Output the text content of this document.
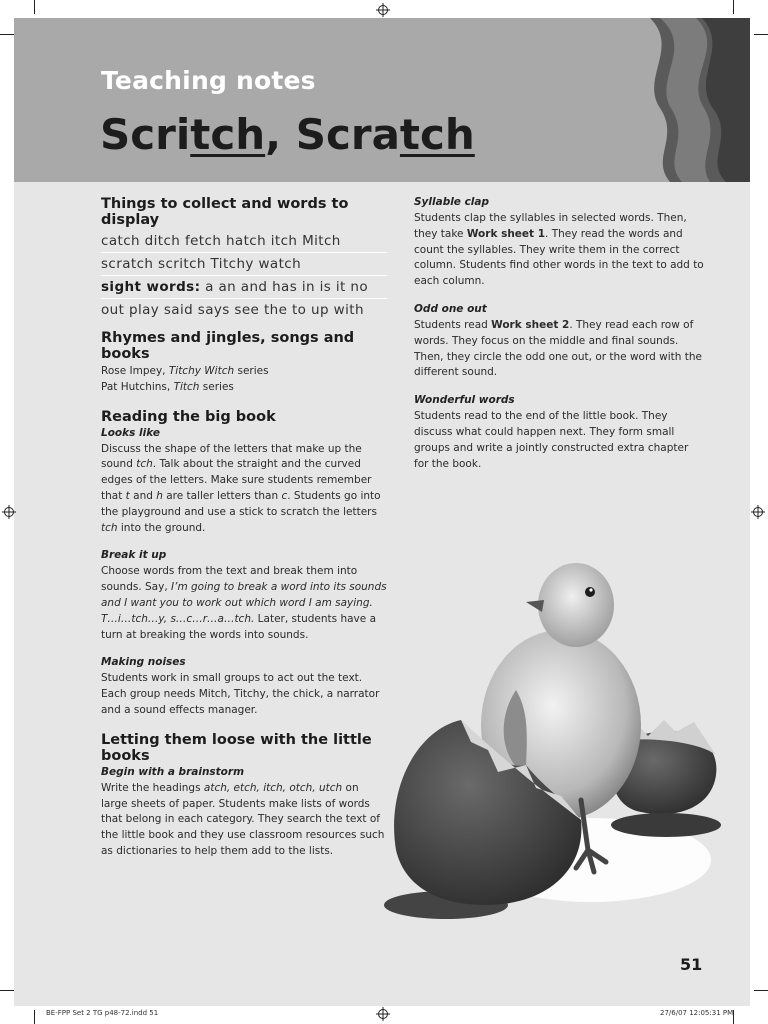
Teaching notes
Scritch, Scratch
Things to collect and words to display
catch ditch fetch hatch itch Mitch
scratch scritch Titchy watch
sight words: a an and has in is it no
out play said says see the to up with
Rhymes and jingles, songs and books

Rose Impey, Titchy Witch series

Pat Hutchins, Titch series

Reading the big book
Looks like

Discuss the shape of the letters that make up the sound tch. Talk about the straight and the curved edges of the letters. Make sure students remember that t and h are taller letters than c. Students go into the playground and use a stick to scratch the letters tch into the ground.

Break it up

Choose words from the text and break them into sounds. Say, I’m going to break a word into its sounds and I want you to work out which word I am saying. T…i…tch…y, s…c…r…a…tch. Later, students have a turn at breaking the words into sounds.

Making noises

Students work in small groups to act out the text. Each group needs Mitch, Titchy, the chick, a narrator and a sound effects manager.

Letting them loose with the little books
Begin with a brainstorm

Write the headings atch, etch, itch, otch, utch on large sheets of paper. Students make lists of words that belong in each category. They search the text of the little book and they use classroom resources such as dictionaries to help them add to the lists.

Syllable clap

Students clap the syllables in selected words. Then, they take Work sheet 1. They read the words and count the syllables. They write them in the correct column. Students find other words in the text to add to each column.

Odd one out

Students read Work sheet 2. They read each row of words. They focus on the middle and final sounds. Then, they circle the odd one out, or the word with the different sound.

Wonderful words

Students read to the end of the little book. They discuss what could happen next. They form small groups and write a jointly constructed extra chapter for the book.

51
BE-FPP Set 2 TG p48-72.indd 51	27/6/07 12:05:31 PM
